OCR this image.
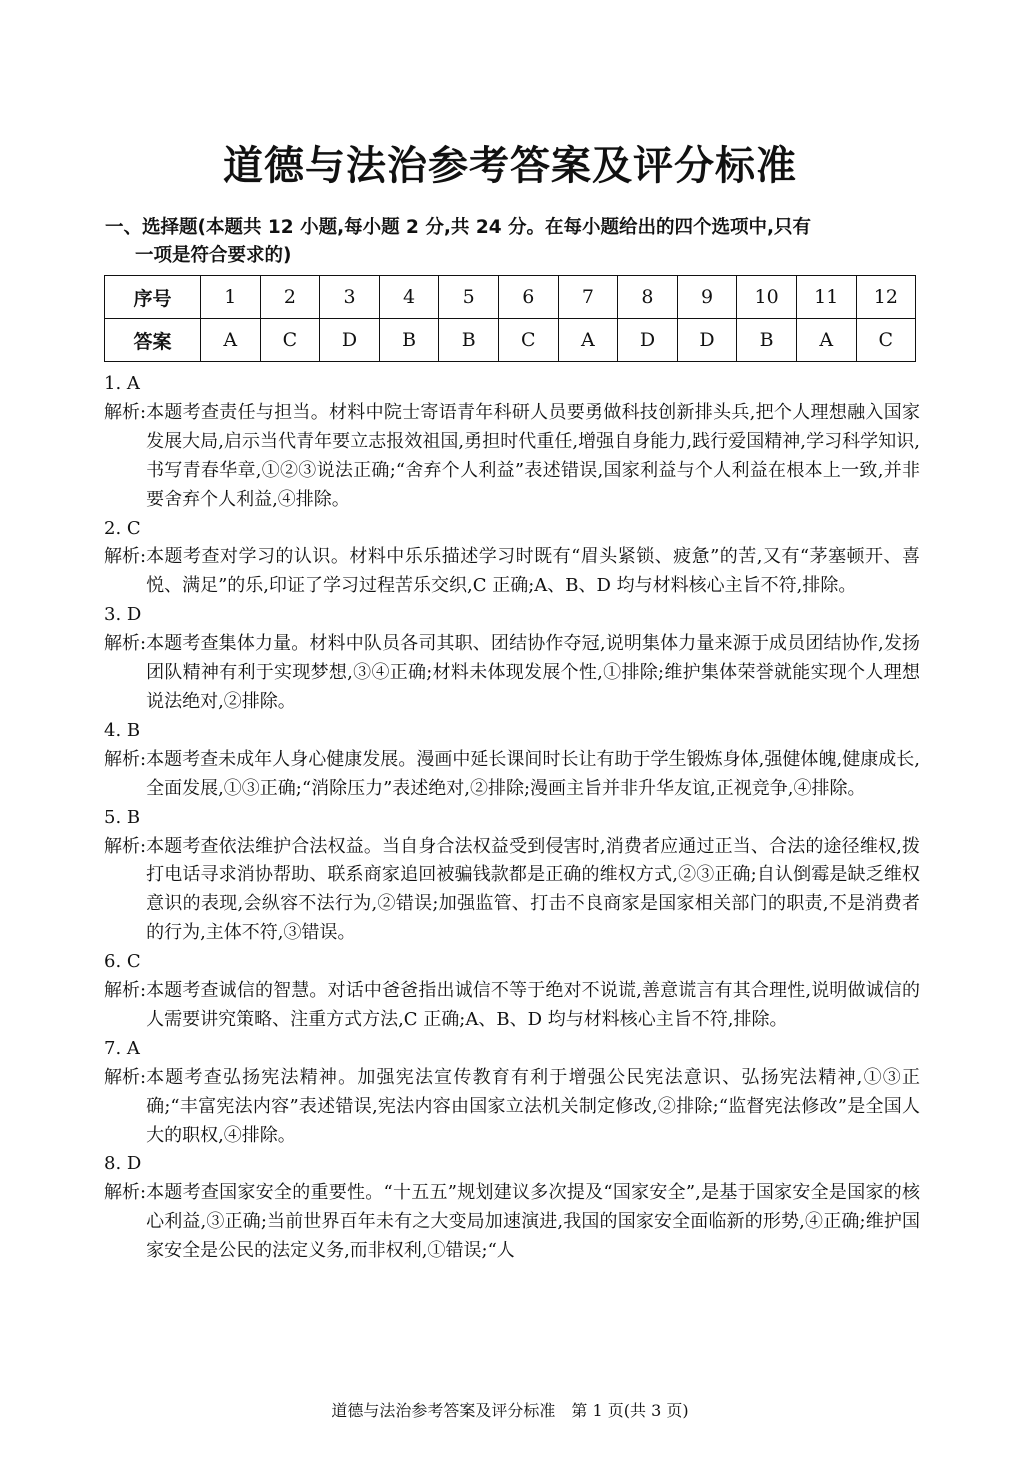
道德与法治参考答案及评分标准
一、选择题(本题共 12 小题,每小题 2 分,共 24 分。在每小题给出的四个选项中,只有
一项是符合要求的)
序号	1	2	3	4	5	6	7	8	9	10	11	12
答案	A	C	D	B	B	C	A	D	D	B	A	C
1. A
解析: 本题考查责任与担当。材料中院士寄语青年科研人员要勇做科技创新排头兵,把个人理想融入国家发展大局,启示当代青年要立志报效祖国,勇担时代重任,增强自身能力,践行爱国精神,学习科学知识,书写青春华章,①②③说法正确;“舍弃个人利益”表述错误,国家利益与个人利益在根本上一致,并非要舍弃个人利益,④排除。
2. C
解析: 本题考查对学习的认识。材料中乐乐描述学习时既有“眉头紧锁、疲惫”的苦,又有“茅塞顿开、喜悦、满足”的乐,印证了学习过程苦乐交织,C 正确;A、B、D 均与材料核心主旨不符,排除。
3. D
解析: 本题考查集体力量。材料中队员各司其职、团结协作夺冠,说明集体力量来源于成员团结协作,发扬团队精神有利于实现梦想,③④正确;材料未体现发展个性,①排除;维护集体荣誉就能实现个人理想说法绝对,②排除。
4. B
解析: 本题考查未成年人身心健康发展。漫画中延长课间时长让有助于学生锻炼身体,强健体魄,健康成长,全面发展,①③正确;“消除压力”表述绝对,②排除;漫画主旨并非升华友谊,正视竞争,④排除。
5. B
解析: 本题考查依法维护合法权益。当自身合法权益受到侵害时,消费者应通过正当、合法的途径维权,拨打电话寻求消协帮助、联系商家追回被骗钱款都是正确的维权方式,②③正确;自认倒霉是缺乏维权意识的表现,会纵容不法行为,②错误;加强监管、打击不良商家是国家相关部门的职责,不是消费者的行为,主体不符,③错误。
6. C
解析: 本题考查诚信的智慧。对话中爸爸指出诚信不等于绝对不说谎,善意谎言有其合理性,说明做诚信的人需要讲究策略、注重方式方法,C 正确;A、B、D 均与材料核心主旨不符,排除。
7. A
解析: 本题考查弘扬宪法精神。加强宪法宣传教育有利于增强公民宪法意识、弘扬宪法精神,①③正确;“丰富宪法内容”表述错误,宪法内容由国家立法机关制定修改,②排除;“监督宪法修改”是全国人大的职权,④排除。
8. D
解析: 本题考查国家安全的重要性。“十五五”规划建议多次提及“国家安全”,是基于国家安全是国家的核心利益,③正确;当前世界百年未有之大变局加速演进,我国的国家安全面临新的形势,④正确;维护国家安全是公民的法定义务,而非权利,①错误;“人
道德与法治参考答案及评分标准　第 1 页(共 3 页)
